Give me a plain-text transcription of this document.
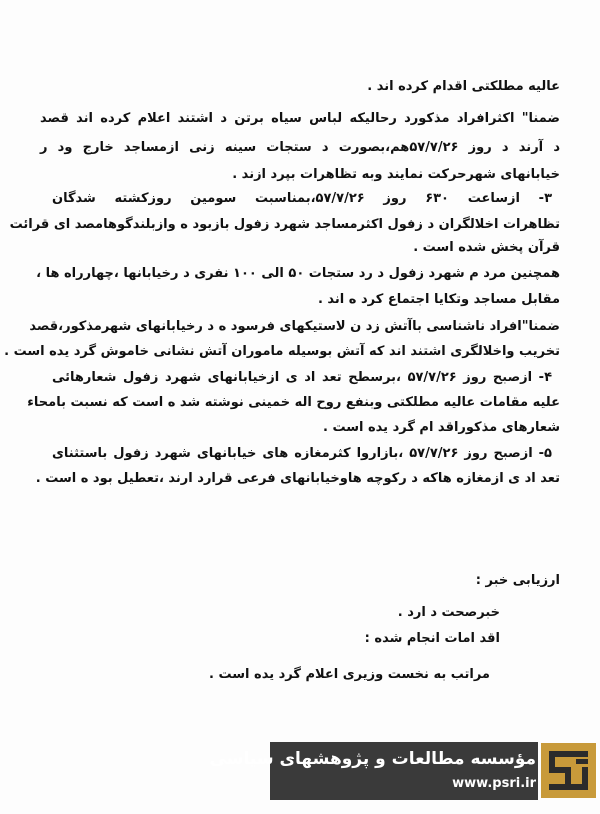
عالیه مطلکتی اقدام کرده اند .
ضمنا" اکثرافراد مذکورد رحالیکه لباس سیاه برتن د اشتند اعلام کرده اند قصد
د آرند د روز ۵۷/۷/۲۶هم،بصورت د ستجات سینه زنی ازمساجد خارج ود ر
خیابانهای شهرحرکت نمایند وبه تظاهرات بپرد ازند .
۳- ازساعت ۶۳۰ روز ۵۷/۷/۲۶،بمناسبت سومین روزکشته شدگان
تظاهرات اخلالگران د زفول اکثرمساجد شهرد زفول بازبود ه وازبلندگوهامصد ای قرائت
قرآن پخش شده است .
همچنین مرد م شهرد زفول د رد ستجات ۵۰ الی ۱۰۰ نفری د رخیابانها ،چهارراه ها ،
مقابل مساجد وتکایا اجتماع کرد ه اند .
ضمنا"افراد ناشناسی باآتش زد ن لاستیکهای فرسود ه د رخیابانهای شهرمذکور،قصد
تخریب واخلالگری اشتند اند که آتش بوسیله ماموران آتش نشانی خاموش گرد یده است .
۴- ازصبح روز ۵۷/۷/۲۶ ،برسطح تعد اد ی ازخیابانهای شهرد زفول شعارهائی
علیه مقامات عالیه مطلکتی وبنفع روح اله خمینی نوشته شد ه است که نسبت بامحاء
شعارهای مذکوراقد ام گرد یده است .
۵- ازصبح روز ۵۷/۷/۲۶ ،بازاروا کثرمغازه های خیابانهای شهرد زفول باستثنای
تعد اد ی ازمغازه هاکه د رکوچه هاوخیابانهای فرعی قرارد ارند ،تعطیل بود ه است .
ارزیابی خبر :
خبرصحت د ارد .
اقد امات انجام شده :
مراتب به نخست وزیری اعلام گرد یده است .
مؤسسه مطالعات و پژوهشهای سیاسی
www.psri.ir
